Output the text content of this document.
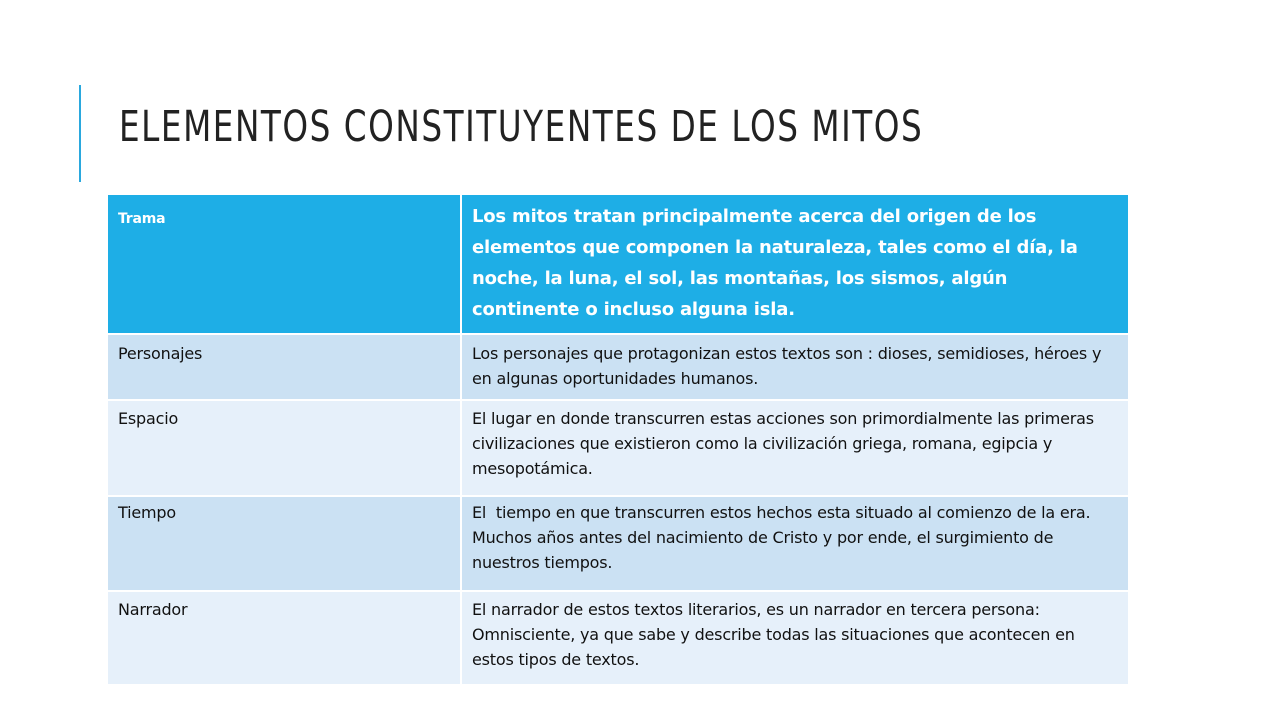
ELEMENTOS CONSTITUYENTES DE LOS MITOS
Trama	Los mitos tratan principalmente acerca del origen de los elementos que componen la naturaleza, tales como el día, la noche, la luna, el sol, las montañas, los sismos, algún continente o incluso alguna isla.
Personajes	Los personajes que protagonizan estos textos son : dioses, semidioses, héroes y en algunas oportunidades humanos.
Espacio	El lugar en donde transcurren estas acciones son primordialmente las primeras civilizaciones que existieron como la civilización griega, romana, egipcia y mesopotámica.
Tiempo	El  tiempo en que transcurren estos hechos esta situado al comienzo de la era. Muchos años antes del nacimiento de Cristo y por ende, el surgimiento de nuestros tiempos.
Narrador	El narrador de estos textos literarios, es un narrador en tercera persona: Omnisciente, ya que sabe y describe todas las situaciones que acontecen en estos tipos de textos.
